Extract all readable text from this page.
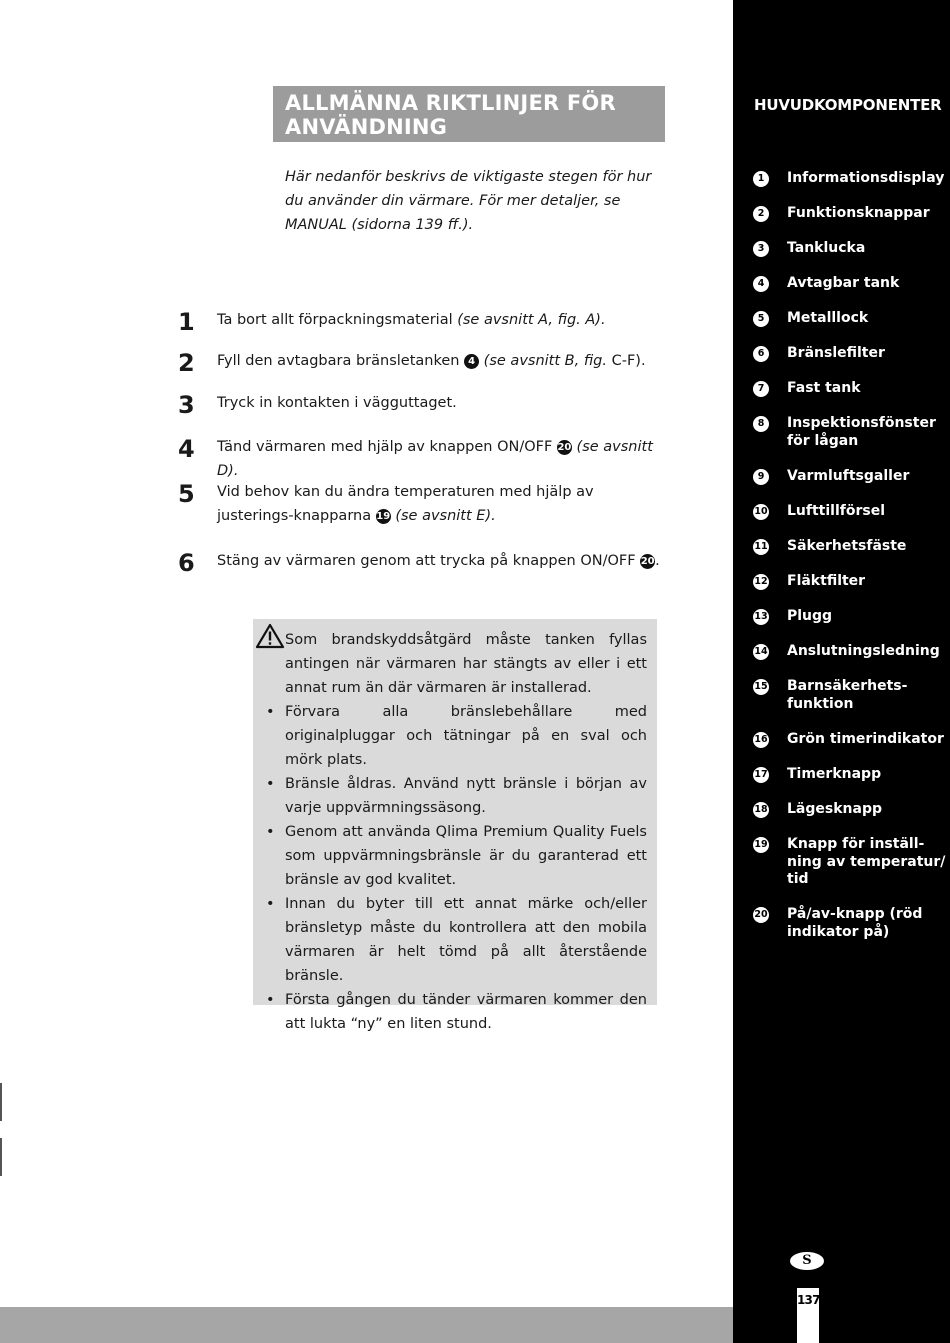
ALLMÄNNA RIKTLINJER FÖR ANVÄNDNING

Här nedanför beskrivs de viktigaste stegen för hur du använder din värmare. För mer detaljer, se MANUAL (sidorna 139 ff.).

1	Ta bort allt förpackningsmaterial (se avsnitt A, fig. A).
2	Fyll den avtagbara bränsletanken 4 (se avsnitt B, fig. C-F).
3	Tryck in kontakten i vägguttaget.
4	Tänd värmaren med hjälp av knappen ON/OFF 20 (se avsnitt D).
5	Vid behov kan du ändra temperaturen med hjälp av justerings-knapparna 19 (se avsnitt E).
6	Stäng av värmaren genom att trycka på knappen ON/OFF 20.

Som brandskyddsåtgärd måste tanken fyllas antingen när värmaren har stängts av eller i ett annat rum än där värmaren är installerad.

• Förvara alla bränslebehållare med originalpluggar och tätningar på en sval och mörk plats.
• Bränsle åldras. Använd nytt bränsle i början av varje uppvärmningssäsong.
• Genom att använda Qlima Premium Quality Fuels som uppvärmningsbränsle är du garanterad ett bränsle av god kvalitet.
• Innan du byter till ett annat märke och/eller bränsletyp måste du kontrollera att den mobila värmaren är helt tömd på allt återstående bränsle.
• Första gången du tänder värmaren kommer den att lukta “ny” en liten stund.
HUVUDKOMPONENTER
1	Informationsdisplay
2	Funktionsknappar
3	Tanklucka
4	Avtagbar tank
5	Metalllock
6	Bränslefilter
7	Fast tank
8	Inspektionsfönster för lågan
9	Varmluftsgaller
10 Lufttillförsel
11 Säkerhetsfäste
12 Fläktfilter
13 Plugg
14 Anslutningsledning
15 Barnsäkerhets-funktion
16 Grön timerindikator
17 Timerknapp
18 Lägesknapp
19 Knapp för inställ-ning av temperatur/ tid
20 På/av-knapp (röd indikator på)
S
137
